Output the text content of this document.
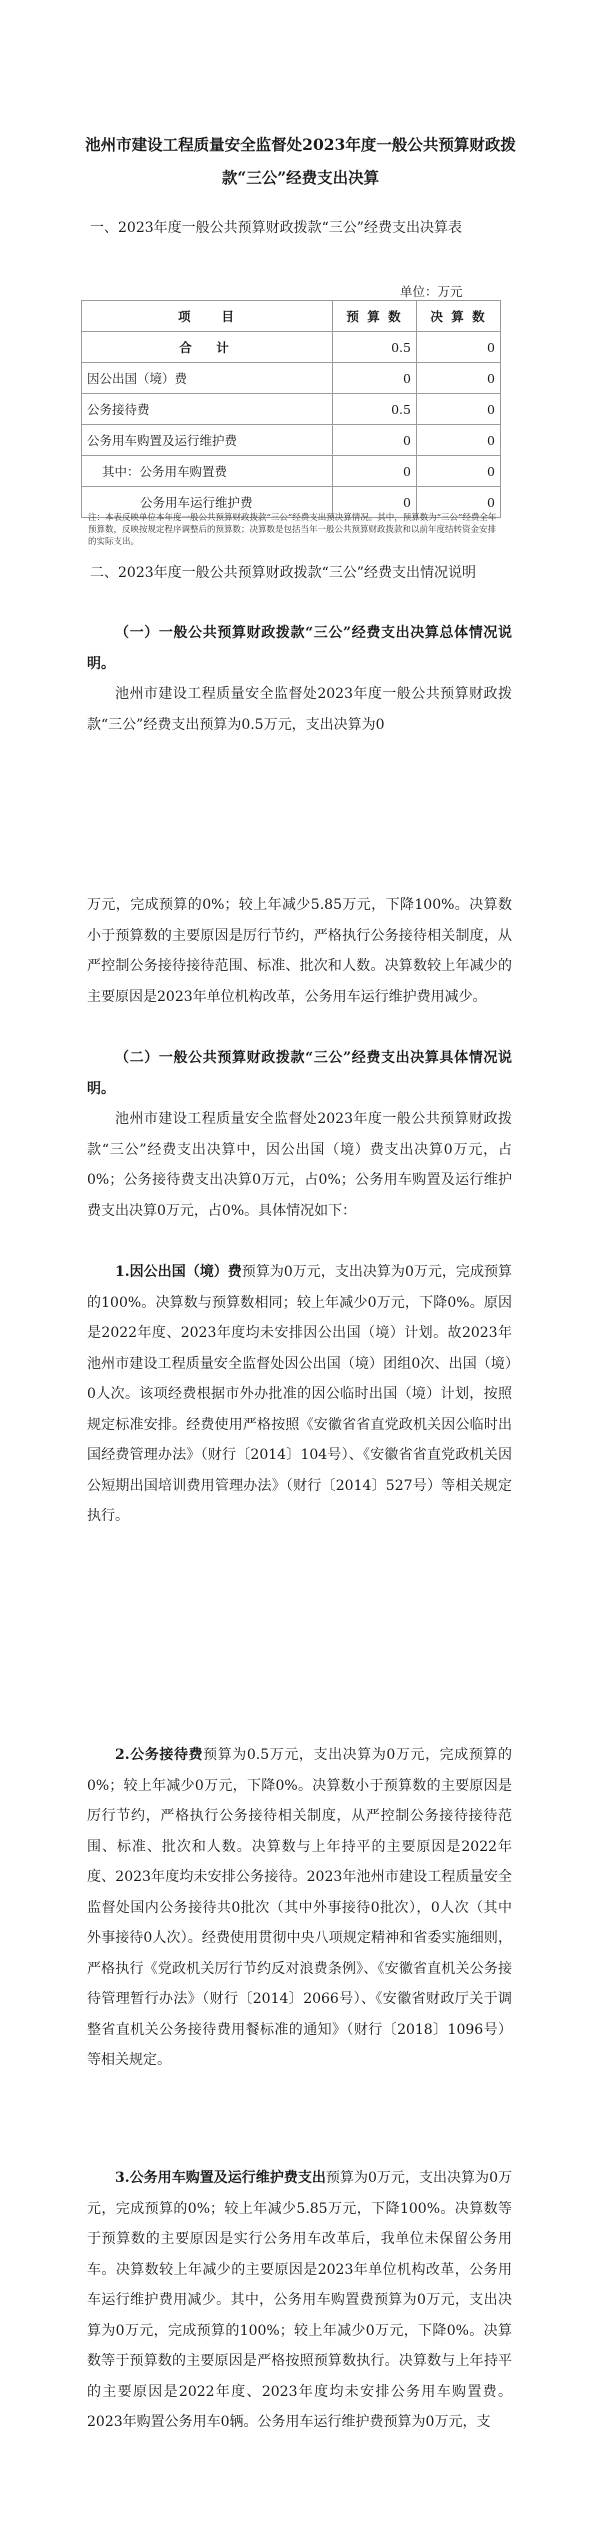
池州市建设工程质量安全监督处2023年度一般公共预算财政拨款“三公”经费支出决算
一、2023年度一般公共预算财政拨款“三公”经费支出决算表
单位：万元
项　　目	预 算 数	决 算 数
合　计	0.5	0
因公出国（境）费	0	0
公务接待费	0.5	0
公务用车购置及运行维护费	0	0
其中：公务用车购置费	0	0
公务用车运行维护费	0	0
注：本表反映单位本年度一般公共预算财政拨款“三公”经费支出预决算情况。其中，预算数为“三公”经费全年预算数，反映按规定程序调整后的预算数；决算数是包括当年一般公共预算财政拨款和以前年度结转资金安排的实际支出。
二、2023年度一般公共预算财政拨款“三公”经费支出情况说明
（一）一般公共预算财政拨款“三公”经费支出决算总体情况说明。
池州市建设工程质量安全监督处2023年度一般公共预算财政拨款“三公”经费支出预算为0.5万元，支出决算为0
万元，完成预算的0%；较上年减少5.85万元，下降100%。决算数小于预算数的主要原因是厉行节约，严格执行公务接待相关制度，从严控制公务接待接待范围、标准、批次和人数。决算数较上年减少的主要原因是2023年单位机构改革，公务用车运行维护费用减少。
（二）一般公共预算财政拨款“三公”经费支出决算具体情况说明。
池州市建设工程质量安全监督处2023年度一般公共预算财政拨款“三公”经费支出决算中，因公出国（境）费支出决算0万元，占0%；公务接待费支出决算0万元，占0%；公务用车购置及运行维护费支出决算0万元，占0%。具体情况如下：
1.因公出国（境）费预算为0万元，支出决算为0万元，完成预算的100%。决算数与预算数相同；较上年减少0万元，下降0%。原因是2022年度、2023年度均未安排因公出国（境）计划。故2023年池州市建设工程质量安全监督处因公出国（境）团组0次、出国（境）0人次。该项经费根据市外办批准的因公临时出国（境）计划，按照规定标准安排。经费使用严格按照《安徽省省直党政机关因公临时出国经费管理办法》（财行〔2014〕104号）、《安徽省省直党政机关因公短期出国培训费用管理办法》（财行〔2014〕527号）等相关规定执行。
2.公务接待费预算为0.5万元，支出决算为0万元，完成预算的0%；较上年减少0万元，下降0%。决算数小于预算数的主要原因是厉行节约，严格执行公务接待相关制度，从严控制公务接待接待范围、标准、批次和人数。决算数与上年持平的主要原因是2022年度、2023年度均未安排公务接待。2023年池州市建设工程质量安全监督处国内公务接待共0批次（其中外事接待0批次），0人次（其中外事接待0人次）。经费使用贯彻中央八项规定精神和省委实施细则，严格执行《党政机关厉行节约反对浪费条例》、《安徽省直机关公务接待管理暂行办法》（财行〔2014〕2066号）、《安徽省财政厅关于调整省直机关公务接待费用餐标准的通知》（财行〔2018〕1096号）等相关规定。
3.公务用车购置及运行维护费支出预算为0万元，支出决算为0万元，完成预算的0%；较上年减少5.85万元，下降100%。决算数等于预算数的主要原因是实行公务用车改革后，我单位未保留公务用车。决算数较上年减少的主要原因是2023年单位机构改革，公务用车运行维护费用减少。其中，公务用车购置费预算为0万元，支出决算为0万元，完成预算的100%；较上年减少0万元，下降0%。决算数等于预算数的主要原因是严格按照预算数执行。决算数与上年持平的主要原因是2022年度、2023年度均未安排公务用车购置费。2023年购置公务用车0辆。公务用车运行维护费预算为0万元，支
